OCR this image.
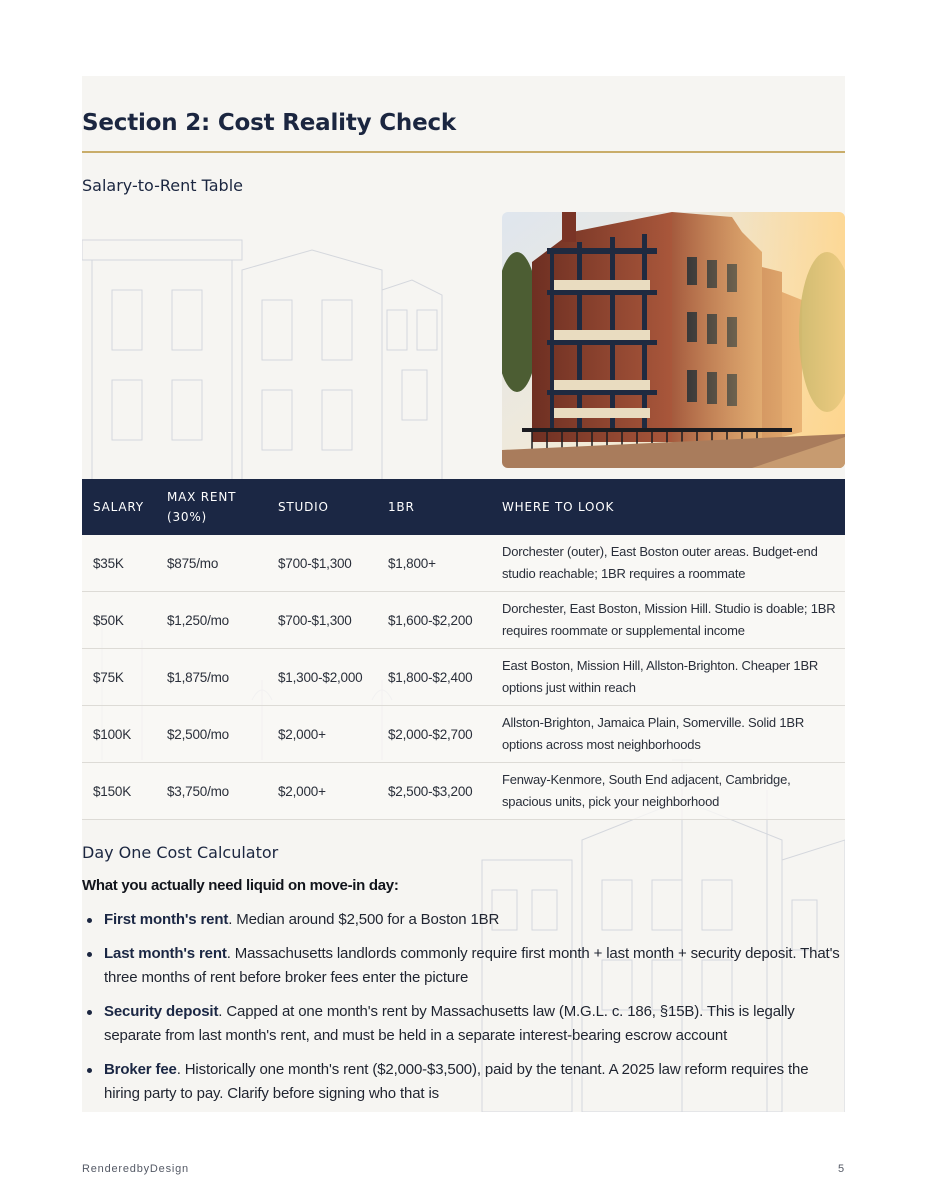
Section 2: Cost Reality Check
Salary-to-Rent Table
SALARY	MAX RENT (30%)	STUDIO	1BR	WHERE TO LOOK
$35K	$875/mo	$700-$1,300	$1,800+	Dorchester (outer), East Boston outer areas. Budget-end studio reachable; 1BR requires a roommate
$50K	$1,250/mo	$700-$1,300	$1,600-$2,200	Dorchester, East Boston, Mission Hill. Studio is doable; 1BR requires roommate or supplemental income
$75K	$1,875/mo	$1,300-$2,000	$1,800-$2,400	East Boston, Mission Hill, Allston-Brighton. Cheaper 1BR options just within reach
$100K	$2,500/mo	$2,000+	$2,000-$2,700	Allston-Brighton, Jamaica Plain, Somerville. Solid 1BR options across most neighborhoods
$150K	$3,750/mo	$2,000+	$2,500-$3,200	Fenway-Kenmore, South End adjacent, Cambridge, spacious units, pick your neighborhood
Day One Cost Calculator
What you actually need liquid on move-in day:
First month's rent. Median around $2,500 for a Boston 1BR
Last month's rent. Massachusetts landlords commonly require first month + last month + security deposit. That's three months of rent before broker fees enter the picture
Security deposit. Capped at one month's rent by Massachusetts law (M.G.L. c. 186, §15B). This is legally separate from last month's rent, and must be held in a separate interest-bearing escrow account
Broker fee. Historically one month's rent ($2,000-$3,500), paid by the tenant. A 2025 law reform requires the hiring party to pay. Clarify before signing who that is
RenderedbyDesign	5
